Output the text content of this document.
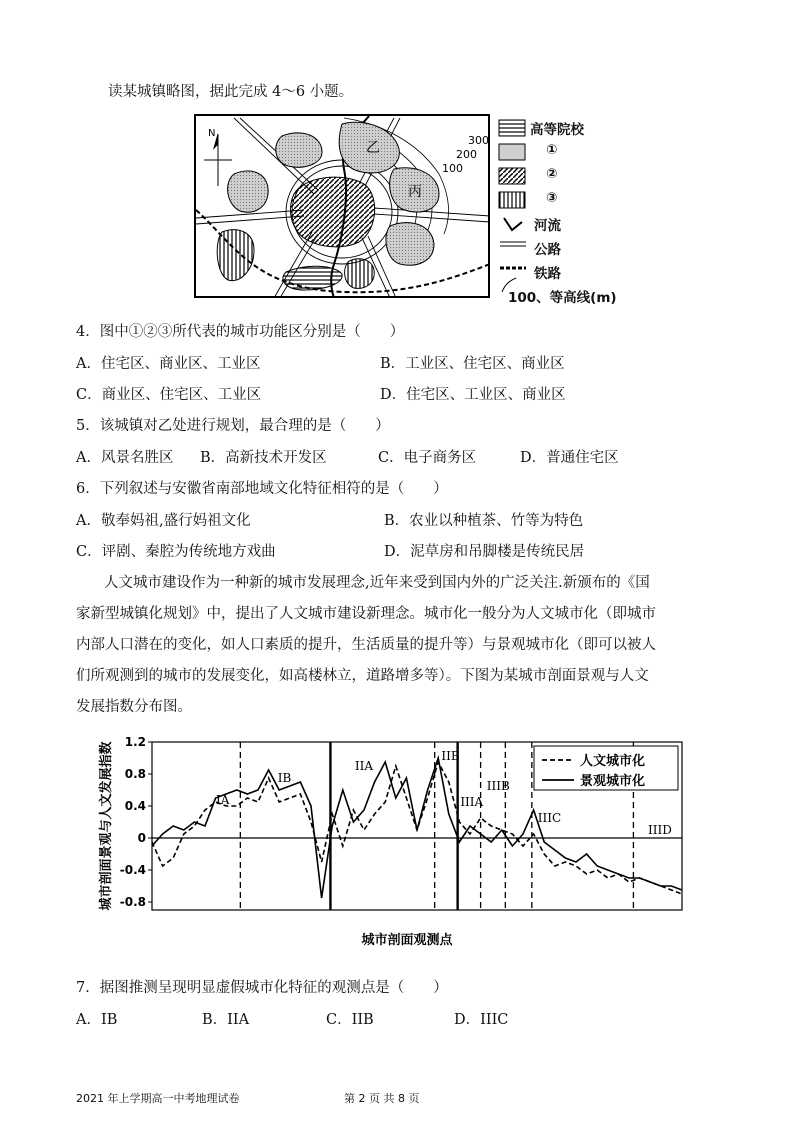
读某城镇略图，据此完成 4～6 小题。
N
乙
丙
300
200
100
高等院校
①
②
③
河流
公路
铁路
100、等高线(m)
4．图中①②③所代表的城市功能区分别是（　　）
A．住宅区、商业区、工业区	B．工业区、住宅区、商业区
C．商业区、住宅区、工业区	D．住宅区、工业区、商业区
5．该城镇对乙处进行规划，最合理的是（　　）
A．风景名胜区 B．高新技术开发区	C．电子商务区	D．普通住宅区
6．下列叙述与安徽省南部地域文化特征相符的是（　　）
A．敬奉妈祖,盛行妈祖文化	B．农业以种植茶、竹等为特色
C．评剧、秦腔为传统地方戏曲	D．泥草房和吊脚楼是传统民居
人文城市建设作为一种新的城市发展理念,近年来受到国内外的广泛关注.新颁布的《国
家新型城镇化规划》中，提出了人文城市建设新理念。城市化一般分为人文城市化（即城市
内部人口潜在的变化，如人口素质的提升，生活质量的提升等）与景观城市化（即可以被人
们所观测到的城市的发展变化，如高楼林立，道路增多等）。下图为某城市剖面景观与人文
发展指数分布图。
1.2
0.8
0.4
0
-0.4
-0.8
IA
IB
IIA
IIB
IIIA
IIIB
IIIC
IIID
人文城市化
景观城市化
城市剖面景观与人文发展指数
城市剖面观测点
7．据图推测呈现明显虚假城市化特征的观测点是（　　）
A．IB	B．IIA	C．IIB	D．IIIC
2021 年上学期高一中考地理试卷	第 2 页 共 8 页
